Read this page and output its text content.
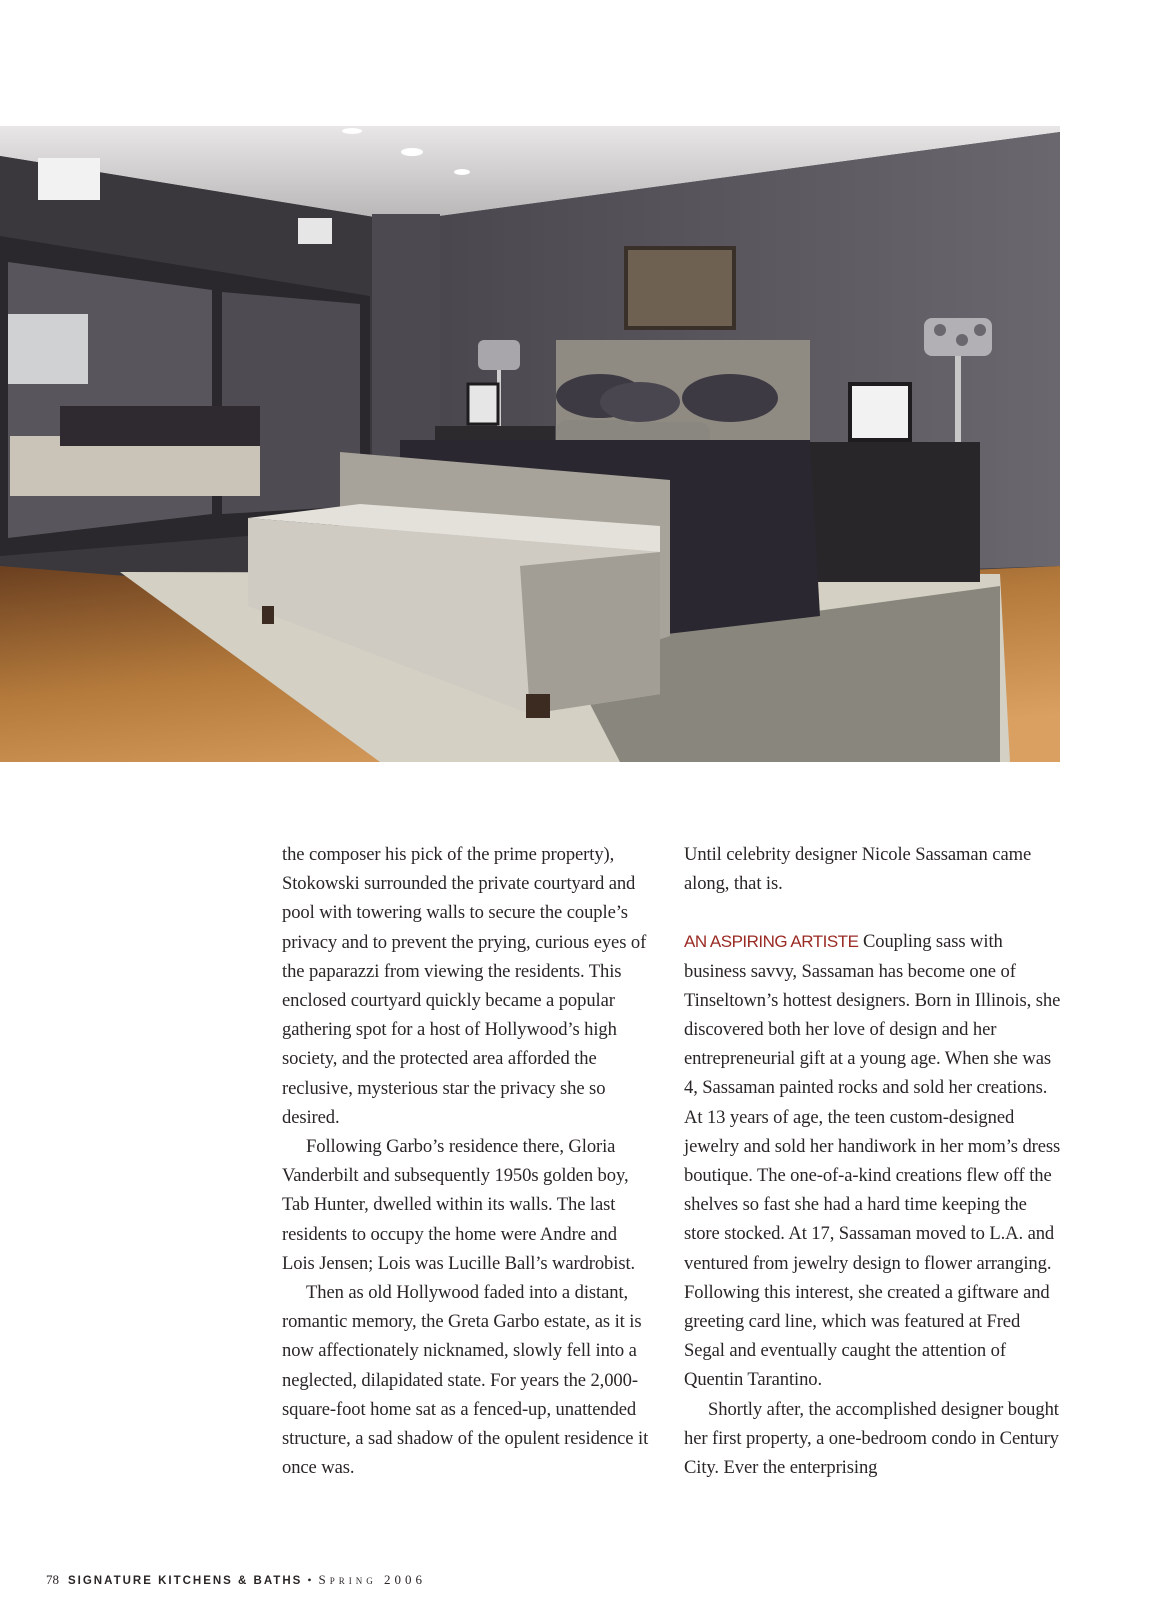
the composer his pick of the prime property), Stokowski surrounded the private courtyard and pool with towering walls to secure the couple’s privacy and to prevent the prying, curious eyes of the paparazzi from viewing the residents. This enclosed courtyard quickly became a popular gathering spot for a host of Hollywood’s high society, and the protected area afforded the reclusive, mysterious star the privacy she so desired.

Following Garbo’s residence there, Gloria Vanderbilt and subsequently 1950s golden boy, Tab Hunter, dwelled within its walls. The last residents to occupy the home were Andre and Lois Jensen; Lois was Lucille Ball’s wardrobist.

Then as old Hollywood faded into a distant, romantic memory, the Greta Garbo estate, as it is now affectionately nicknamed, slowly fell into a neglected, dilapidated state. For years the 2,000-square-foot home sat as a fenced-up, unattended structure, a sad shadow of the opulent residence it once was.

Until celebrity designer Nicole Sassaman came along, that is.

AN ASPIRING ARTISTE Coupling sass with business savvy, Sassaman has become one of Tinseltown’s hottest designers. Born in Illinois, she discovered both her love of design and her entrepreneurial gift at a young age. When she was 4, Sassaman painted rocks and sold her creations. At 13 years of age, the teen custom-designed jewelry and sold her handiwork in her mom’s dress boutique. The one-of-a-kind creations flew off the shelves so fast she had a hard time keeping the store stocked. At 17, Sassaman moved to L.A. and ventured from jewelry design to flower arranging. Following this interest, she created a giftware and greeting card line, which was featured at Fred Segal and eventually caught the attention of Quentin Tarantino.

Shortly after, the accomplished designer bought her first property, a one-bedroom condo in Century City. Ever the enterprising

78 SIGNATURE KITCHENS & BATHS • Spring 2006
